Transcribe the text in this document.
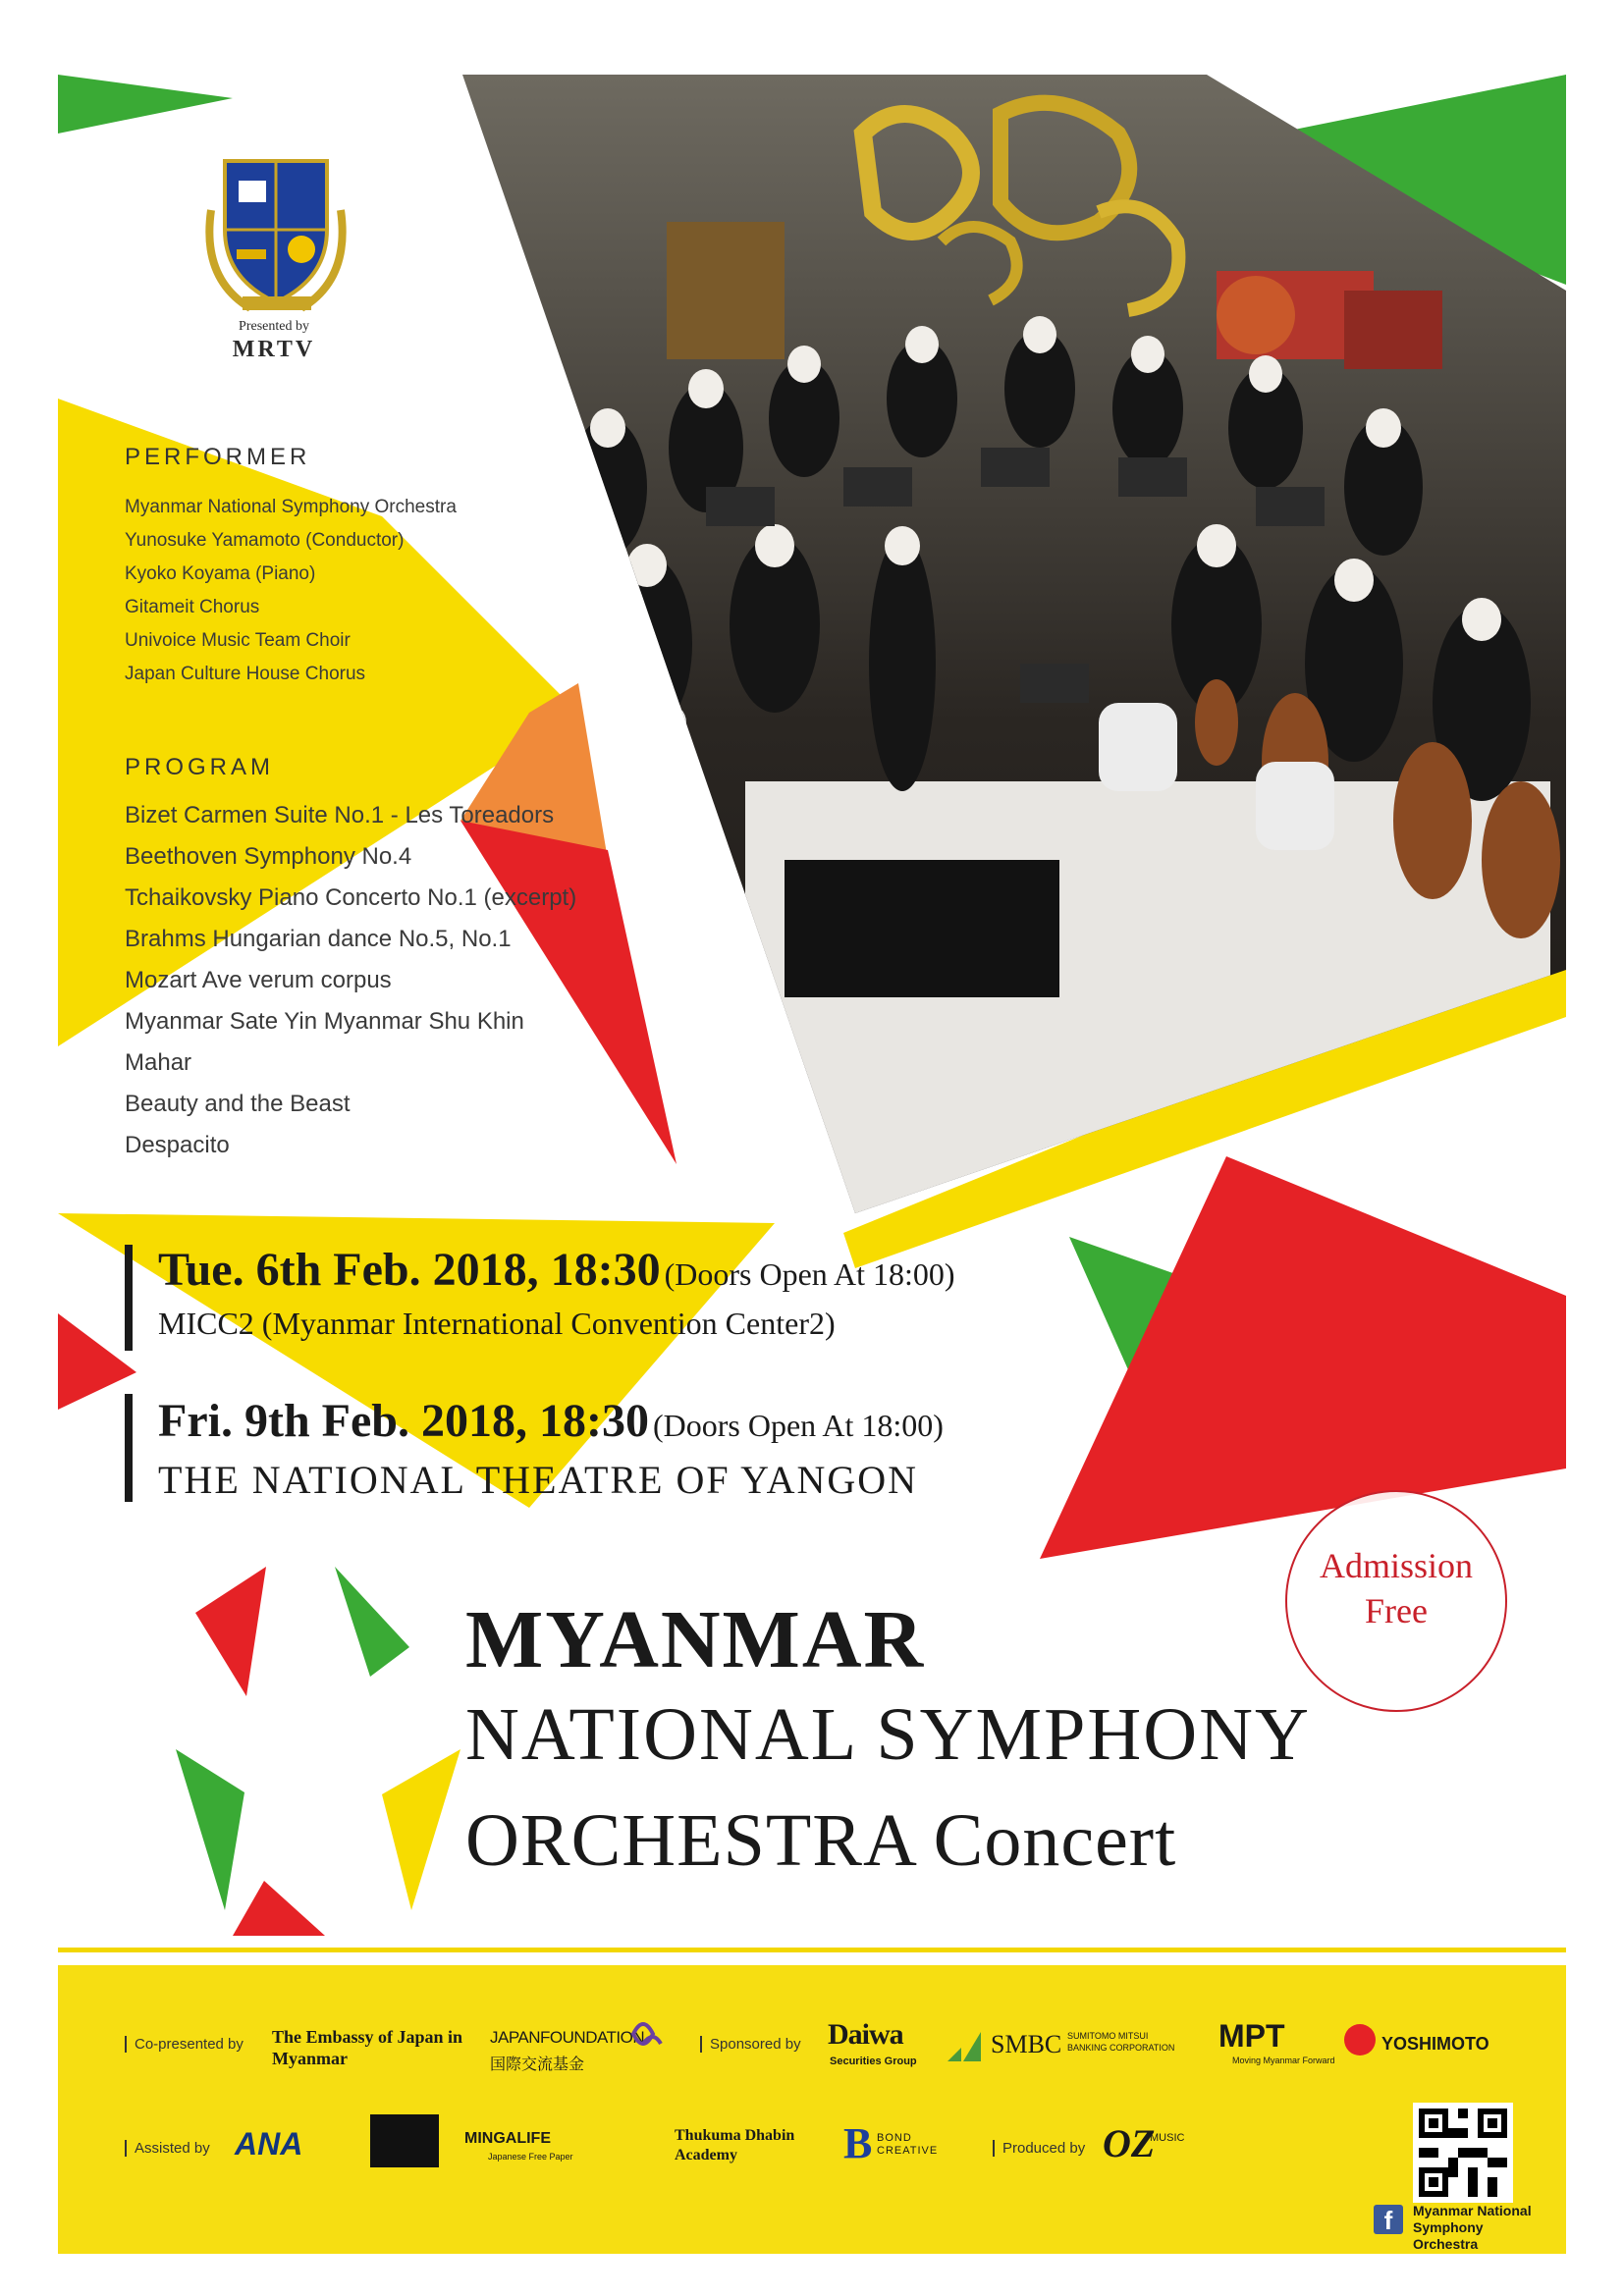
Presented by
MRTV
PERFORMER
Myanmar National Symphony Orchestra
Yunosuke Yamamoto (Conductor)
Kyoko Koyama (Piano)
Gitameit Chorus
Univoice Music Team Choir
Japan Culture House Chorus
PROGRAM
Bizet Carmen Suite No.1 - Les Toreadors
Beethoven Symphony No.4
Tchaikovsky Piano Concerto No.1 (excerpt)
Brahms Hungarian dance No.5, No.1
Mozart Ave verum corpus
Myanmar Sate Yin Myanmar Shu Khin
Mahar
Beauty and the Beast
Despacito
Tue. 6th Feb. 2018, 18:30 (Doors Open At 18:00)
MICC2 (Myanmar International Convention Center2)
Fri. 9th Feb. 2018, 18:30 (Doors Open At 18:00)
THE NATIONAL THEATRE OF YANGON
Admission
Free
MYANMAR
NATIONAL SYMPHONY
ORCHESTRA Concert
Co-presented by The Embassy of Japan in Myanmar
JAPANFOUNDATION
国際交流基金
Sponsored by Daiwa
Securities Group
SMBC SUMITOMO MITSUI BANKING CORPORATION	MPT
Moving Myanmar Forward
YOSHIMOTO
Assisted by ANA	MINGALIFE
Japanese Free Paper
Thukuma Dhabin Academy	B BOND CREATIVE	Produced by OZ
MUSIC
f	Myanmar National Symphony Orchestra
